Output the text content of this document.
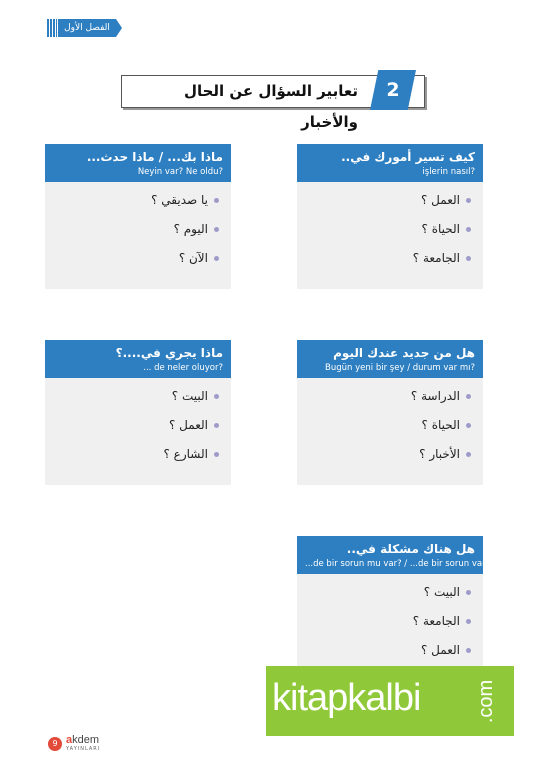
الفصل الأول
2
تعابير السؤال عن الحال والأخبار
كيف تسير أمورك في..
işlerin nasıl?
العمل ؟
الحياة ؟
الجامعة ؟
ماذا بك... / ماذا حدث...
Neyin var? Ne oldu?
يا صديقي ؟
اليوم ؟
الآن ؟
هل من جديد عندك اليوم
Bugün yeni bir şey / durum var mı?
الدراسة ؟
الحياة ؟
الأخبار ؟
ماذا يجري في....؟
... de neler oluyor?
البيت ؟
العمل ؟
الشارع ؟
هل هناك مشكلة في..
...de bir sorun mu var? / ...de bir sorun var mı?
البيت ؟
الجامعة ؟
العمل ؟
kitapkalbi	.com
9 akdem
YAYINLARI
